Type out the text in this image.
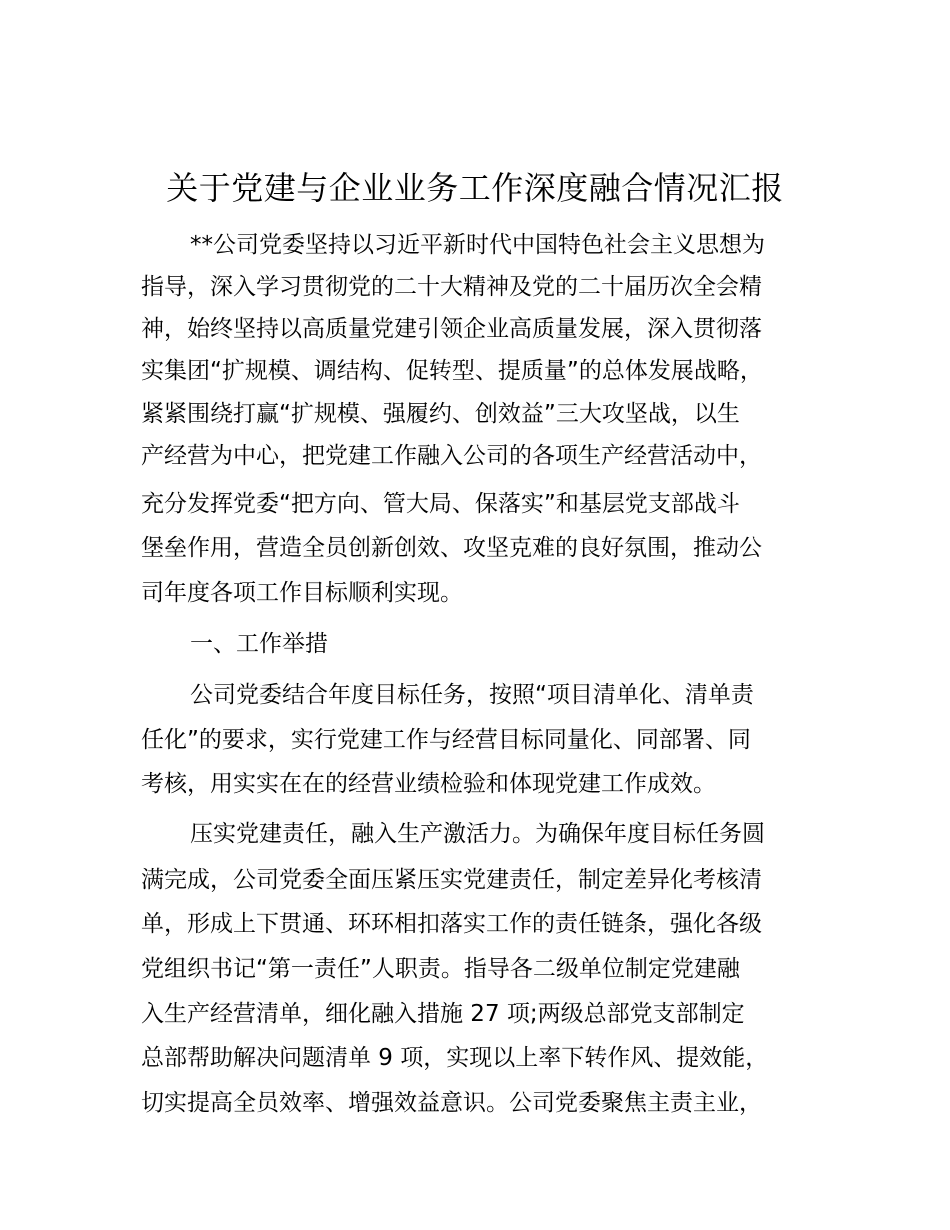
关于党建与企业业务工作深度融合情况汇报

**公司党委坚持以习近平新时代中国特色社会主义思想为

指导，深入学习贯彻党的二十大精神及党的二十届历次全会精

神，始终坚持以高质量党建引领企业高质量发展，深入贯彻落

实集团“扩规模、调结构、促转型、提质量”的总体发展战略，

紧紧围绕打赢“扩规模、强履约、创效益”三大攻坚战，以生

产经营为中心，把党建工作融入公司的各项生产经营活动中，

充分发挥党委“把方向、管大局、保落实”和基层党支部战斗

堡垒作用，营造全员创新创效、攻坚克难的良好氛围，推动公

司年度各项工作目标顺利实现。

一、工作举措

公司党委结合年度目标任务，按照“项目清单化、清单责

任化”的要求，实行党建工作与经营目标同量化、同部署、同

考核，用实实在在的经营业绩检验和体现党建工作成效。

压实党建责任，融入生产激活力。为确保年度目标任务圆

满完成，公司党委全面压紧压实党建责任，制定差异化考核清

单，形成上下贯通、环环相扣落实工作的责任链条，强化各级

党组织书记“第一责任”人职责。指导各二级单位制定党建融

入生产经营清单，细化融入措施 27 项;两级总部党支部制定

总部帮助解决问题清单 9 项，实现以上率下转作风、提效能，

切实提高全员效率、增强效益意识。公司党委聚焦主责主业，
